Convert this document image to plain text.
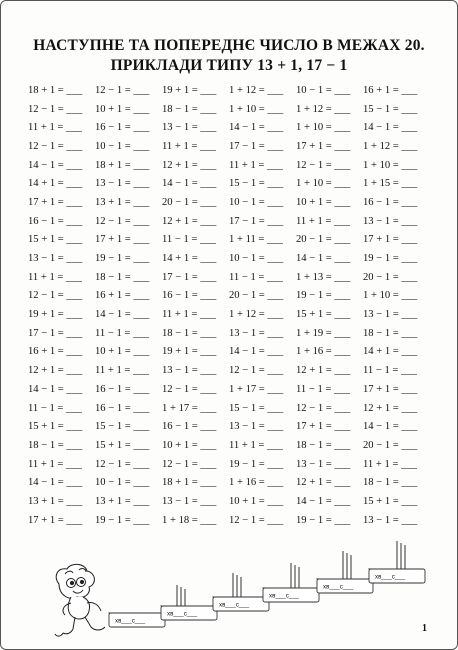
НАСТУПНЕ ТА ПОПЕРЕДНЄ ЧИСЛО В МЕЖАХ 20.
ПРИКЛАДИ ТИПУ 13 + 1, 17 − 1
18 + 1 = ___	12 − 1 = ___	19 + 1 = ___	1 + 12 = ___	10 − 1 = ___	16 + 1 = ___
12 − 1 = ___	10 + 1 = ___	18 − 1 = ___	1 + 10 = ___	1 + 12 = ___	15 − 1 = ___
11 + 1 = ___	16 − 1 = ___	13 − 1 = ___	14 − 1 = ___	1 + 10 = ___	14 − 1 = ___
12 − 1 = ___	10 − 1 = ___	11 + 1 = ___	17 − 1 = ___	17 + 1 = ___	1 + 12 = ___
14 − 1 = ___	18 + 1 = ___	12 + 1 = ___	11 + 1 = ___	12 − 1 = ___	1 + 10 = ___
14 + 1 = ___	13 − 1 = ___	14 − 1 = ___	15 − 1 = ___	1 + 10 = ___	1 + 15 = ___
17 + 1 = ___	13 + 1 = ___	20 − 1 = ___	10 − 1 = ___	10 + 1 = ___	16 − 1 = ___
16 − 1 = ___	12 − 1 = ___	12 + 1 = ___	17 − 1 = ___	11 + 1 = ___	13 − 1 = ___
15 + 1 = ___	17 + 1 = ___	11 − 1 = ___	1 + 11 = ___	20 − 1 = ___	17 + 1 = ___
13 − 1 = ___	19 − 1 = ___	14 + 1 = ___	10 − 1 = ___	14 − 1 = ___	19 − 1 = ___
11 + 1 = ___	18 − 1 = ___	17 − 1 = ___	11 − 1 = ___	1 + 13 = ___	20 − 1 = ___
12 − 1 = ___	16 + 1 = ___	16 − 1 = ___	20 − 1 = ___	19 − 1 = ___	1 + 10 = ___
19 + 1 = ___	14 − 1 = ___	11 + 1 = ___	1 + 12 = ___	15 + 1 = ___	13 − 1 = ___
17 − 1 = ___	11 − 1 = ___	18 − 1 = ___	13 − 1 = ___	1 + 19 = ___	18 − 1 = ___
16 + 1 = ___	10 + 1 = ___	19 + 1 = ___	14 − 1 = ___	1 + 16 = ___	14 + 1 = ___
12 + 1 = ___	11 + 1 = ___	13 − 1 = ___	12 − 1 = ___	12 + 1 = ___	11 − 1 = ___
14 − 1 = ___	16 − 1 = ___	12 − 1 = ___	1 + 17 = ___	11 − 1 = ___	17 + 1 = ___
11 − 1 = ___	16 − 1 = ___	1 + 17 = ___	15 − 1 = ___	12 − 1 = ___	12 + 1 = ___
15 + 1 = ___	15 − 1 = ___	16 − 1 = ___	13 − 1 = ___	17 + 1 = ___	14 − 1 = ___
18 − 1 = ___	15 + 1 = ___	10 + 1 = ___	11 + 1 = ___	18 − 1 = ___	20 − 1 = ___
11 + 1 = ___	12 − 1 = ___	12 − 1 = ___	19 − 1 = ___	13 − 1 = ___	11 + 1 = ___
14 − 1 = ___	10 − 1 = ___	18 + 1 = ___	1 + 16 = ___	12 + 1 = ___	18 − 1 = ___
13 + 1 = ___	13 + 1 = ___	13 − 1 = ___	10 + 1 = ___	14 − 1 = ___	15 + 1 = ___
17 + 1 = ___	19 − 1 = ___	1 + 18 = ___	12 − 1 = ___	19 − 1 = ___	13 − 1 = ___
хв___с___
хв___с___
хв___с___
хв___с___
хв___с___
хв___с___
1
